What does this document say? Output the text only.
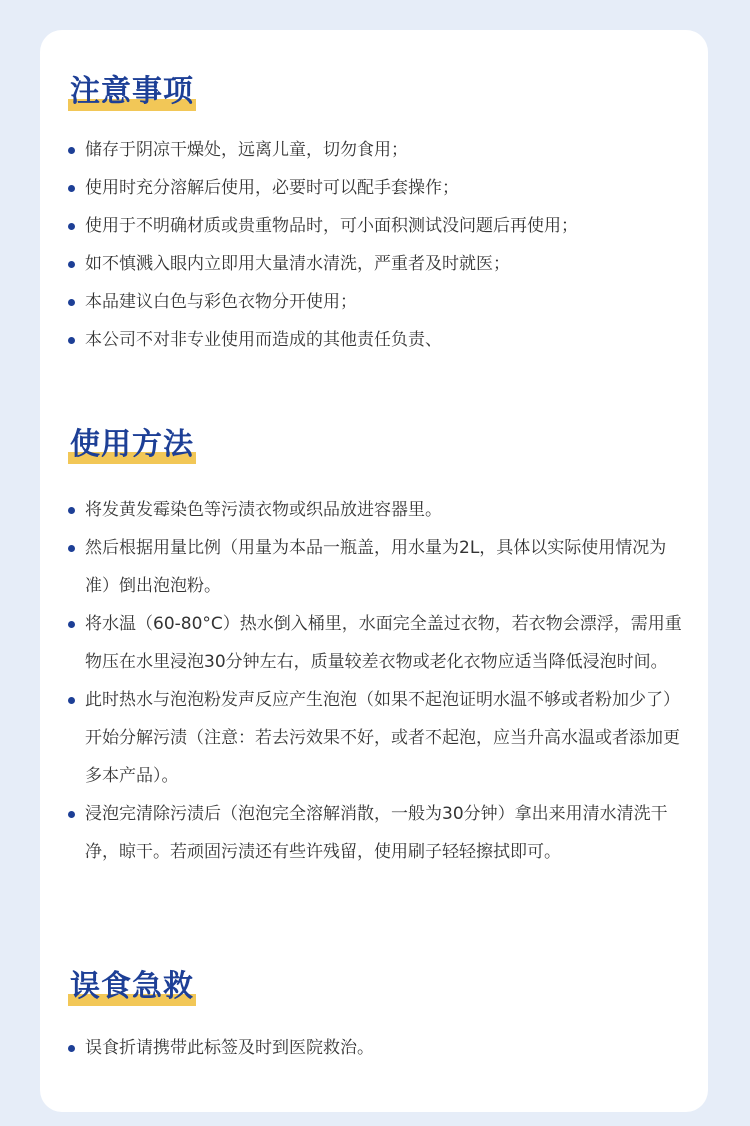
注意事项
储存于阴凉干燥处，远离儿童，切勿食用；
使用时充分溶解后使用，必要时可以配手套操作；
使用于不明确材质或贵重物品时，可小面积测试没问题后再使用；
如不慎溅入眼内立即用大量清水清洗，严重者及时就医；
本品建议白色与彩色衣物分开使用；
本公司不对非专业使用而造成的其他责任负责、
使用方法
将发黄发霉染色等污渍衣物或织品放进容器里。
然后根据用量比例（用量为本品一瓶盖，用水量为2L，具体以实际使用情况为准）倒出泡泡粉。
将水温（60-80°C）热水倒入桶里，水面完全盖过衣物，若衣物会漂浮，需用重物压在水里浸泡30分钟左右，质量较差衣物或老化衣物应适当降低浸泡时间。
此时热水与泡泡粉发声反应产生泡泡（如果不起泡证明水温不够或者粉加少了）开始分解污渍（注意：若去污效果不好，或者不起泡，应当升高水温或者添加更多本产品）。
浸泡完清除污渍后（泡泡完全溶解消散，一般为30分钟）拿出来用清水清洗干净，晾干。若顽固污渍还有些许残留，使用刷子轻轻擦拭即可。
误食急救
误食折请携带此标签及时到医院救治。
